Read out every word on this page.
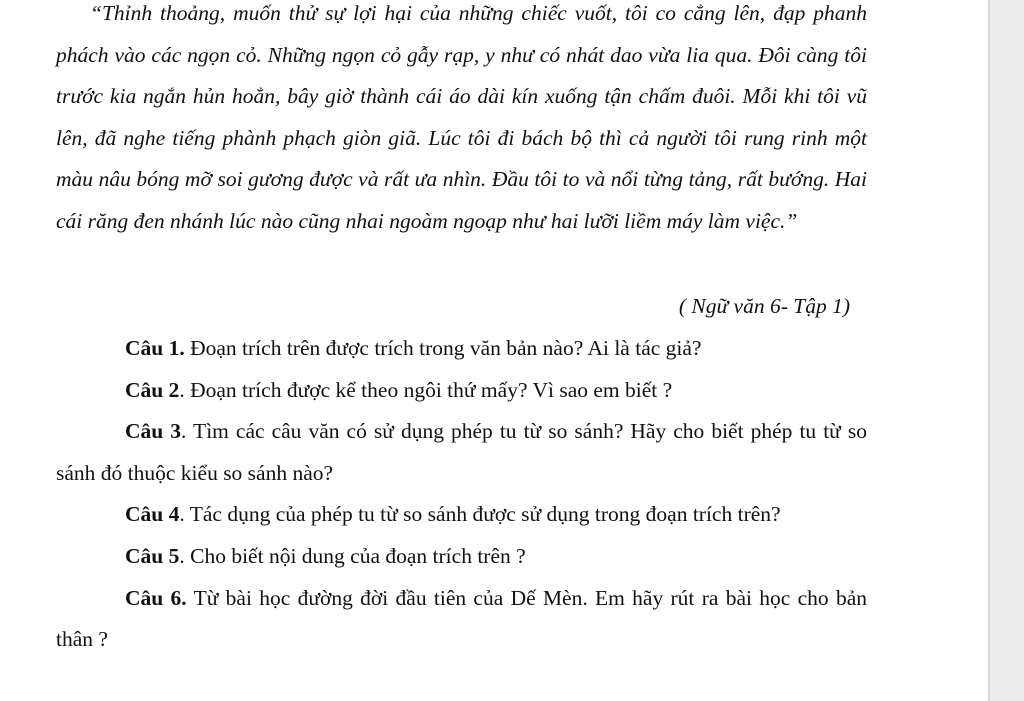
“Thỉnh thoảng, muốn thử sự lợi hại của những chiếc vuốt, tôi co cẳng lên, đạp phanh phách vào các ngọn cỏ. Những ngọn cỏ gẫy rạp, y như có nhát dao vừa lia qua. Đôi càng tôi trước kia ngắn hủn hoẳn, bây giờ thành cái áo dài kín xuống tận chấm đuôi. Mỗi khi tôi vũ lên, đã nghe tiếng phành phạch giòn giã. Lúc tôi đi bách bộ thì cả người tôi rung rinh một màu nâu bóng mỡ soi gương được và rất ưa nhìn. Đầu tôi to và nổi từng tảng, rất bướng. Hai cái răng đen nhánh lúc nào cũng nhai ngoàm ngoạp như hai lưỡi liềm máy làm việc.”

( Ngữ văn 6- Tập 1)

Câu 1. Đoạn trích trên được trích trong văn bản nào? Ai là tác giả?

Câu 2. Đoạn trích được kể theo ngôi thứ mấy? Vì sao em biết ?

Câu 3. Tìm các câu văn có sử dụng phép tu từ so sánh? Hãy cho biết phép tu từ so sánh đó thuộc kiểu so sánh nào?

Câu 4. Tác dụng của phép tu từ so sánh được sử dụng trong đoạn trích trên?

Câu 5. Cho biết nội dung của đoạn trích trên ?

Câu 6. Từ bài học đường đời đầu tiên của Dế Mèn. Em hãy rút ra bài học cho bản thân ?
